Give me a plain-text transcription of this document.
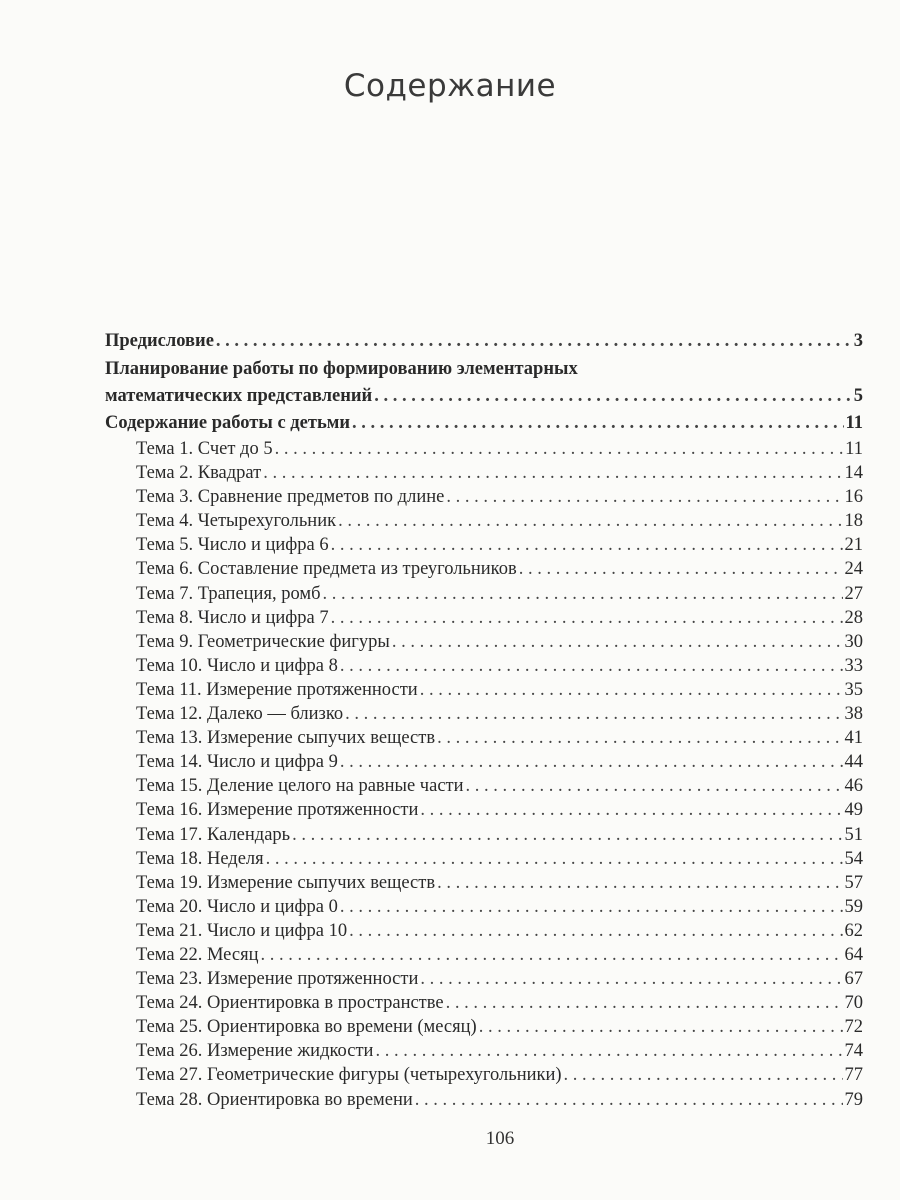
Содержание
Предисловие . . .	3
Планирование работы по формированию элементарных
математических представлений . . .	5
Содержание работы с детьми . . .	11
Тема 1. Счет до 5 . . .	11
Тема 2. Квадрат . . .	14
Тема 3. Сравнение предметов по длине . . .	16
Тема 4. Четырехугольник . . .	18
Тема 5. Число и цифра 6 . . .	21
Тема 6. Составление предмета из треугольников . . .	24
Тема 7. Трапеция, ромб . . .	27
Тема 8. Число и цифра 7 . . .	28
Тема 9. Геометрические фигуры . . .	30
Тема 10. Число и цифра 8 . . .	33
Тема 11. Измерение протяженности . . .	35
Тема 12. Далеко — близко . . .	38
Тема 13. Измерение сыпучих веществ . . .	41
Тема 14. Число и цифра 9 . . .	44
Тема 15. Деление целого на равные части . . .	46
Тема 16. Измерение протяженности . . .	49
Тема 17. Календарь . . .	51
Тема 18. Неделя . . .	54
Тема 19. Измерение сыпучих веществ . . .	57
Тема 20. Число и цифра 0 . . .	59
Тема 21. Число и цифра 10 . . .	62
Тема 22. Месяц . . .	64
Тема 23. Измерение протяженности . . .	67
Тема 24. Ориентировка в пространстве . . .	70
Тема 25. Ориентировка во времени (месяц) . . .	72
Тема 26. Измерение жидкости . . .	74
Тема 27. Геометрические фигуры (четырехугольники) . . .	77
Тема 28. Ориентировка во времени . . .	79
106
